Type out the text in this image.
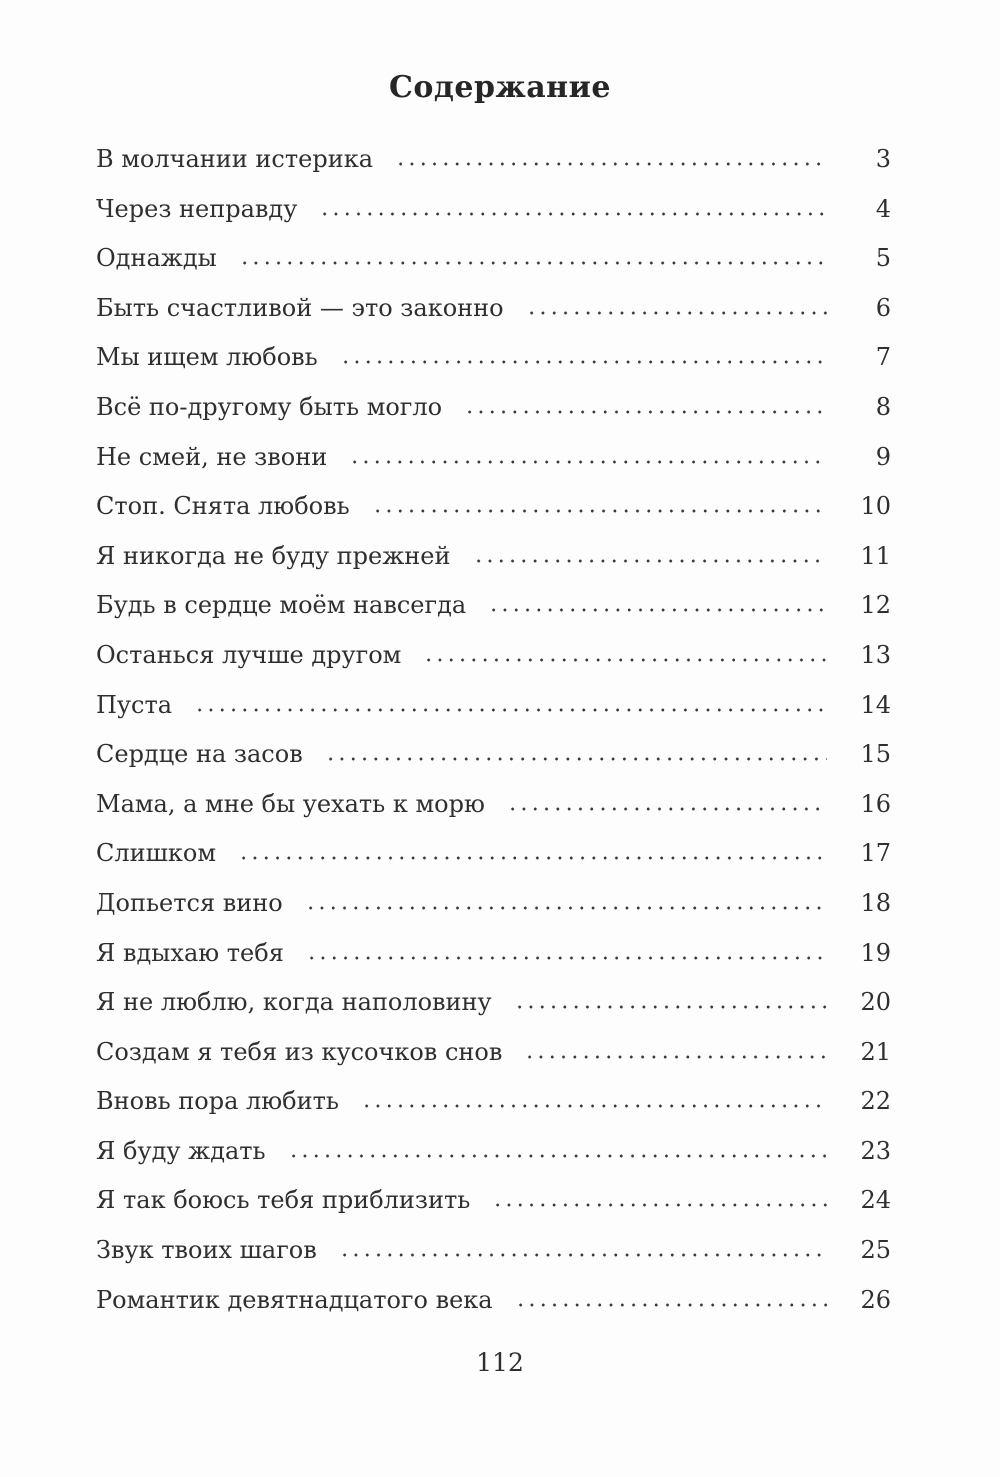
Содержание
В молчании истерика	3
Через неправду	4
Однажды	5
Быть счастливой — это законно	6
Мы ищем любовь	7
Всё по-другому быть могло	8
Не смей, не звони	9
Стоп. Снята любовь	10
Я никогда не буду прежней	11
Будь в сердце моём навсегда	12
Останься лучше другом	13
Пуста	14
Сердце на засов	15
Мама, а мне бы уехать к морю	16
Слишком	17
Допьется вино	18
Я вдыхаю тебя	19
Я не люблю, когда наполовину	20
Создам я тебя из кусочков снов	21
Вновь пора любить	22
Я буду ждать	23
Я так боюсь тебя приблизить	24
Звук твоих шагов	25
Романтик девятнадцатого века	26
112
